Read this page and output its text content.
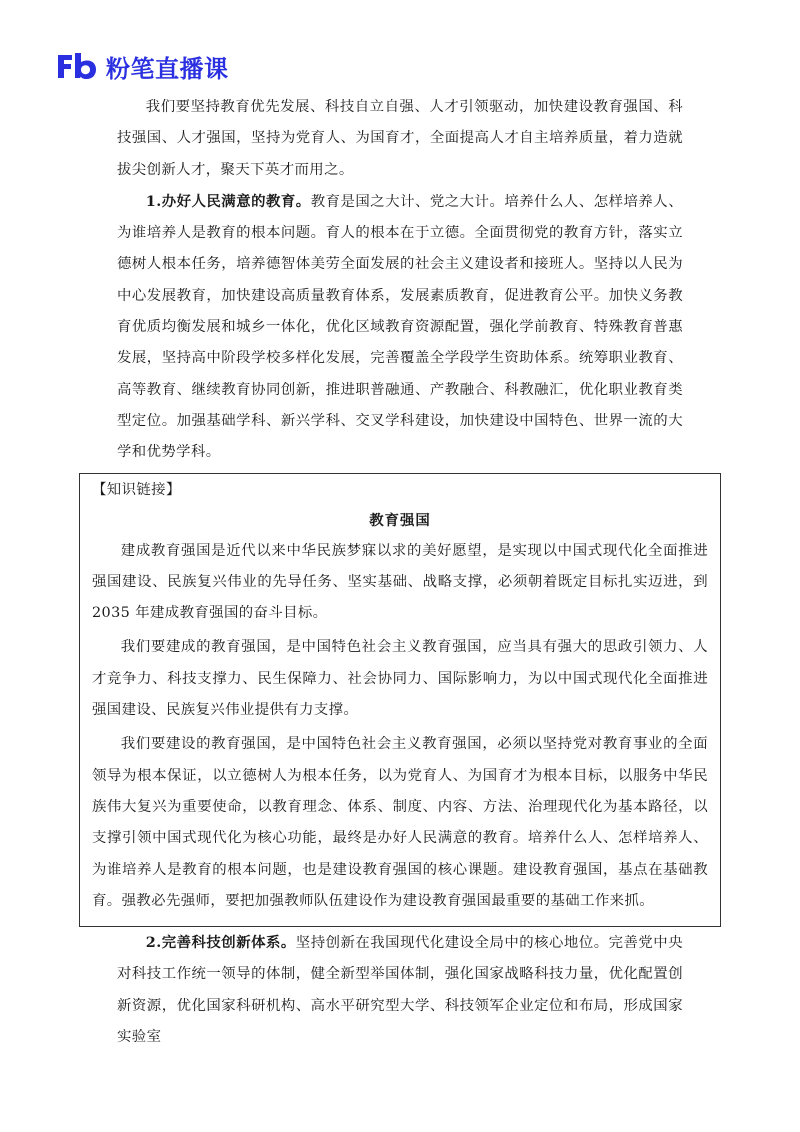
粉笔直播课

我们要坚持教育优先发展、科技自立自强、人才引领驱动，加快建设教育强国、科技强国、人才强国，坚持为党育人、为国育才，全面提高人才自主培养质量，着力造就拔尖创新人才，聚天下英才而用之。

1.办好人民满意的教育。教育是国之大计、党之大计。培养什么人、怎样培养人、为谁培养人是教育的根本问题。育人的根本在于立德。全面贯彻党的教育方针，落实立德树人根本任务，培养德智体美劳全面发展的社会主义建设者和接班人。坚持以人民为中心发展教育，加快建设高质量教育体系，发展素质教育，促进教育公平。加快义务教育优质均衡发展和城乡一体化，优化区域教育资源配置，强化学前教育、特殊教育普惠发展，坚持高中阶段学校多样化发展，完善覆盖全学段学生资助体系。统筹职业教育、高等教育、继续教育协同创新，推进职普融通、产教融合、科教融汇，优化职业教育类型定位。加强基础学科、新兴学科、交叉学科建设，加快建设中国特色、世界一流的大学和优势学科。

【知识链接】
教育强国

建成教育强国是近代以来中华民族梦寐以求的美好愿望，是实现以中国式现代化全面推进强国建设、民族复兴伟业的先导任务、坚实基础、战略支撑，必须朝着既定目标扎实迈进，到 2035 年建成教育强国的奋斗目标。

我们要建成的教育强国，是中国特色社会主义教育强国，应当具有强大的思政引领力、人才竞争力、科技支撑力、民生保障力、社会协同力、国际影响力，为以中国式现代化全面推进强国建设、民族复兴伟业提供有力支撑。

我们要建设的教育强国，是中国特色社会主义教育强国，必须以坚持党对教育事业的全面领导为根本保证，以立德树人为根本任务，以为党育人、为国育才为根本目标，以服务中华民族伟大复兴为重要使命，以教育理念、体系、制度、内容、方法、治理现代化为基本路径，以支撑引领中国式现代化为核心功能，最终是办好人民满意的教育。培养什么人、怎样培养人、为谁培养人是教育的根本问题，也是建设教育强国的核心课题。建设教育强国，基点在基础教育。强教必先强师，要把加强教师队伍建设作为建设教育强国最重要的基础工作来抓。

2.完善科技创新体系。坚持创新在我国现代化建设全局中的核心地位。完善党中央对科技工作统一领导的体制，健全新型举国体制，强化国家战略科技力量，优化配置创新资源，优化国家科研机构、高水平研究型大学、科技领军企业定位和布局，形成国家实验室
